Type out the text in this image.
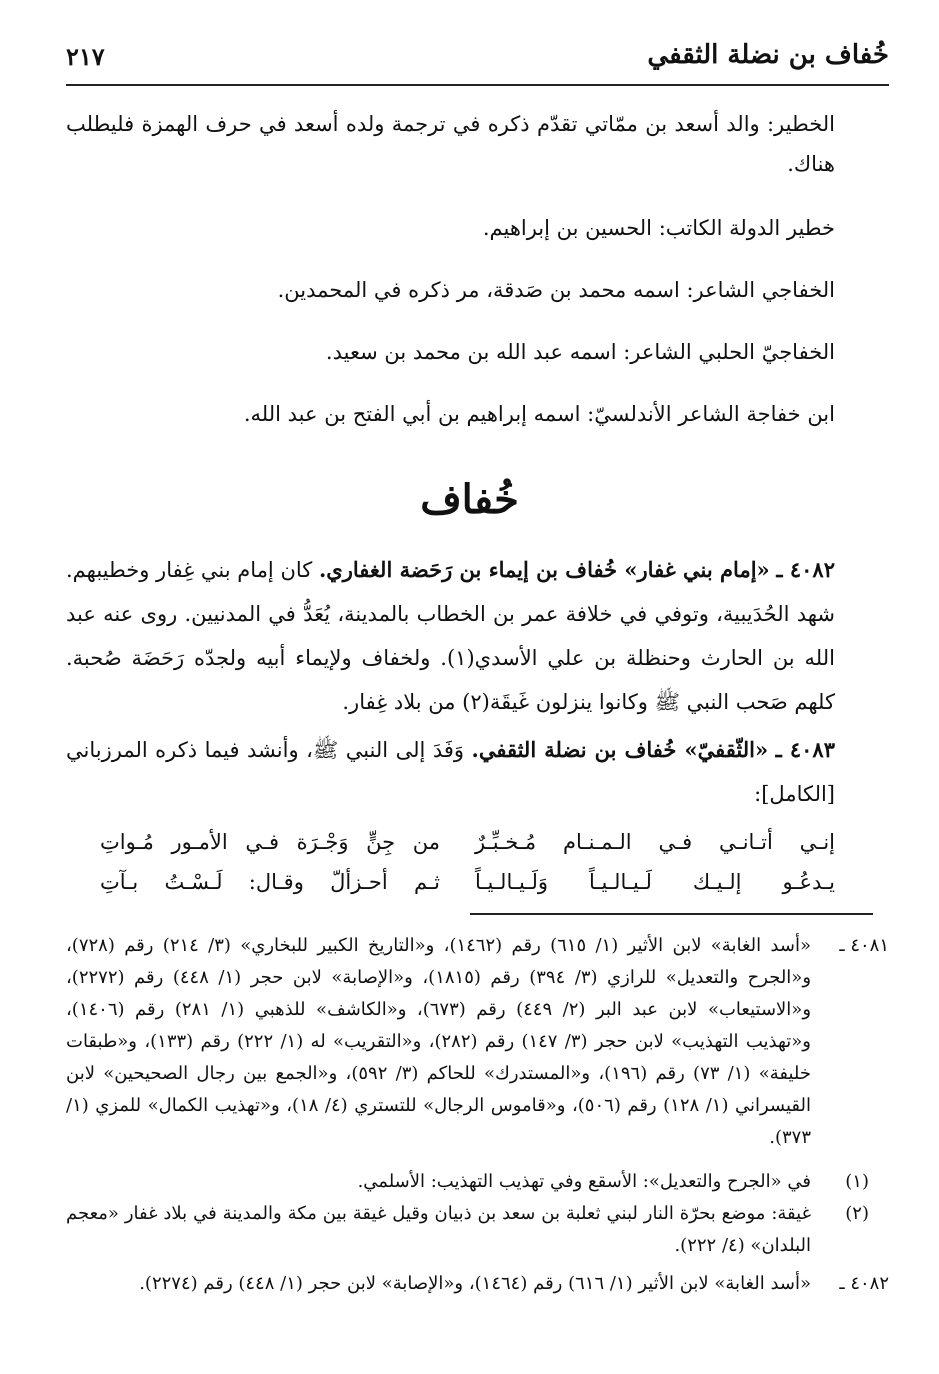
خُفاف بن نضلة الثقفي
٢١٧

الخطير: والد أسعد بن ممّاتي تقدّم ذكره في ترجمة ولده أسعد في حرف الهمزة فليطلب هناك.

خطير الدولة الكاتب: الحسين بن إبراهيم.

الخفاجي الشاعر: اسمه محمد بن صَدقة، مر ذكره في المحمدين.

الخفاجيّ الحلبي الشاعر: اسمه عبد الله بن محمد بن سعيد.

ابن خفاجة الشاعر الأندلسيّ: اسمه إبراهيم بن أبي الفتح بن عبد الله.

خُفاف
٤٠٨٢ ـ «إمام بني غفار» خُفاف بن إيماء بن رَحَضة الغفاري. كان إمام بني غِفار وخطيبهم. شهد الحُدَيبية، وتوفي في خلافة عمر بن الخطاب بالمدينة، يُعَدُّ في المدنيين. روى عنه عبد الله بن الحارث وحنظلة بن علي الأسدي(١). ولخفاف ولإيماء أبيه ولجدّه رَحَضَة صُحبة. كلهم صَحب النبي ﷺ وكانوا ينزلون غَيقَة(٢) من بلاد غِفار.
٤٠٨٣ ـ «الثّقفيّ» خُفاف بن نضلة الثقفي. وَفَدَ إلى النبي ﷺ، وأنشد فيما ذكره المرزباني [الكامل]:
إنـي أتـانـي فـي الـمـنـام مُـخـبِّـرٌ
من جِنٍّ وَجْـرَة فـي الأمـور مُـواتِ
يـدعُـو إلـيـك لَـيـالـيـاً وَلَـيـالـيـاً
ثـم أحـزألّ وقـال: لَـسْـتُ بـآتِ
٤٠٨١ ـ

«أسد الغابة» لابن الأثير (١/ ٦١٥) رقم (١٤٦٢)، و«التاريخ الكبير للبخاري» (٣/ ٢١٤) رقم (٧٢٨)، و«الجرح والتعديل» للرازي (٣/ ٣٩٤) رقم (١٨١٥)، و«الإصابة» لابن حجر (١/ ٤٤٨) رقم (٢٢٧٢)، و«الاستيعاب» لابن عبد البر (٢/ ٤٤٩) رقم (٦٧٣)، و«الكاشف» للذهبي (١/ ٢٨١) رقم (١٤٠٦)، و«تهذيب التهذيب» لابن حجر (٣/ ١٤٧) رقم (٢٨٢)، و«التقريب» له (١/ ٢٢٢) رقم (١٣٣)، و«طبقات خليفة» (١/ ٧٣) رقم (١٩٦)، و«المستدرك» للحاكم (٣/ ٥٩٢)، و«الجمع بين رجال الصحيحين» لابن القيسراني (١/ ١٢٨) رقم (٥٠٦)، و«قاموس الرجال» للتستري (٤/ ١٨)، و«تهذيب الكمال» للمزي (١/ ٣٧٣).

(١)

في «الجرح والتعديل»: الأسقع وفي تهذيب التهذيب: الأسلمي.

(٢)

غيقة: موضع بحرّة النار لبني ثعلبة بن سعد بن ذبيان وقيل غيقة بين مكة والمدينة في بلاد غفار «معجم البلدان» (٤/ ٢٢٢).

٤٠٨٢ ـ

«أسد الغابة» لابن الأثير (١/ ٦١٦) رقم (١٤٦٤)، و«الإصابة» لابن حجر (١/ ٤٤٨) رقم (٢٢٧٤).
